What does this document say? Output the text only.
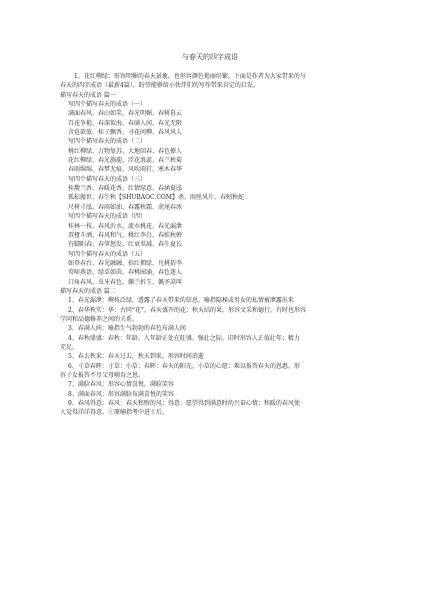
与春天的四字成语
1、花红柳绿：形容明媚的春天景象，也形容颜色艳丽纷繁。下面是作者为大家带来的与
春天的四字成语（最新4篇），盼望能够给小伙伴们的写作带来肯定的启发。
描写春天的成语 篇一
写四个描写春天的成语（一）
满面春风、春山如笑、春光明媚、春树暮云
百花争艳、春深似海、春满人间、春光无限
含苞欲放、桂子飘香、寻花问柳、春风风人
写四个描写春天的成语（二）
桃红柳绿、万物复苏、大地回春、春色撩人
花红柳绿、春光旖旎、浮花浪蕊、春兰秋菊
春雨绵绵、春梦无痕、风吹雨打、寒木春华
写四个描写春天的成语（三）
桂馥兰香、春暖花香、红情绿意、春涵夏泓
孤标傲世、春生秋【SHUBAOC.COM】杀、雨丝风片、春蚓秋蛇
尺树寸泓、春雨如油、春露秋霜、虎尾春冰
写四个描写春天的成语（四）
桂林一枝、春风沂水、流水桃花、春光漏泄
双桠斗酒、春风和气、桃红李白、春蛙秋蝉
有脚阳春、春笋怒发、红衰翠减、春生夏长
写四个描写春天的成语（五）
如登春台、春光融融、拾红拥绿、凡桃俗李
莺啼燕语、绿草如茵、春桃园涌、春色迷人
口角春风、虫牙春色、撷兰折玉、佩圣凉叫
描写春天的成语 篇二
1、春光漏泄：柳枝泛绿，透露了春天带来的信息。喻指隐秘或男女的私情被泄露出来
2、春华秋实：华：古同“花”。春天盛开的花；秋天结的果。形容文采和德行。有时也形容
学问和品德修养之间的关系。
3、春满人间：喻指生气勃勃的春色布满人间
4、春秋鼎盛：春秋：年龄。人年龄正处在旺盛、强壮之际。旧时形容人正值壮年；精力
充足。
5、春去秋来：春天过去，秋天到来。形容时间消逝
6、寸草春晖：寸草：小草；春晖：春天的阳光。小草的心愿；难以报答春天的恩惠。形
容子女报答不尽父母哺育之恩。
7、满脸春风：形容心情喜悦，满脸笑容
8、满面春风：形容满脸布满喜悦的笑容
9、春风得意：春风：春天和煦的风；得意：愿望得到满意时的兴奋心情；和暖的春风使
人觉得洋洋得意。①原喻指考中进士后。
